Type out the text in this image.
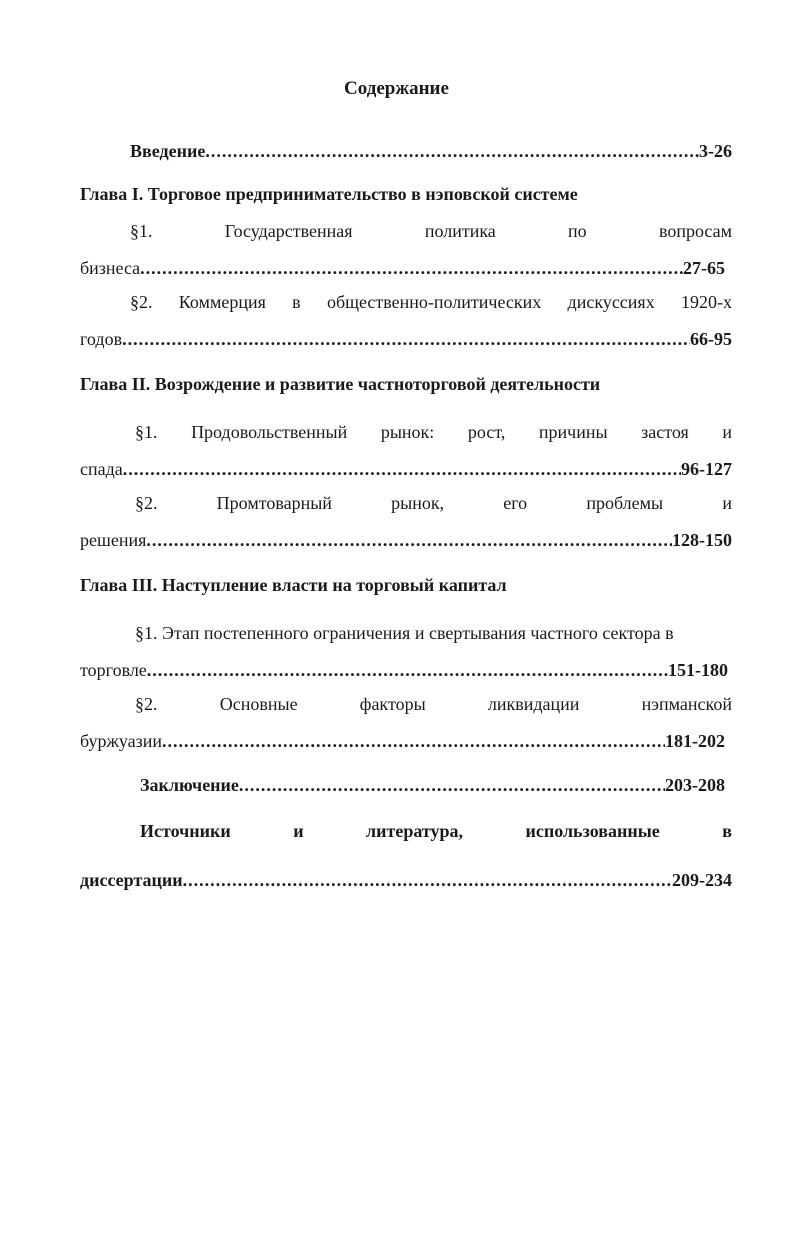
Содержание
Введение .....	3-26
Глава I. Торговое предпринимательство в нэповской системе
§1.	Государственная	политика	по	вопросам
бизнеса .....	27-65
§2. Коммерция в общественно-политических дискуссиях 1920-х
годов .....	66-95
Глава II. Возрождение и развитие частноторговой деятельности
§1. Продовольственный рынок: рост, причины застоя и
спада .....	96-127
§2.	Промтоварный	рынок,	его	проблемы	и
решения .....	128-150
Глава III. Наступление власти на торговый капитал
§1. Этап постепенного ограничения и свертывания частного сектора в
торговле .....	151-180
§2.	Основные	факторы	ликвидации	нэпманской
буржуазии .....	181-202
Заключение .....	203-208
Источники	и	литература,	использованные	в
диссертации .....	209-234
